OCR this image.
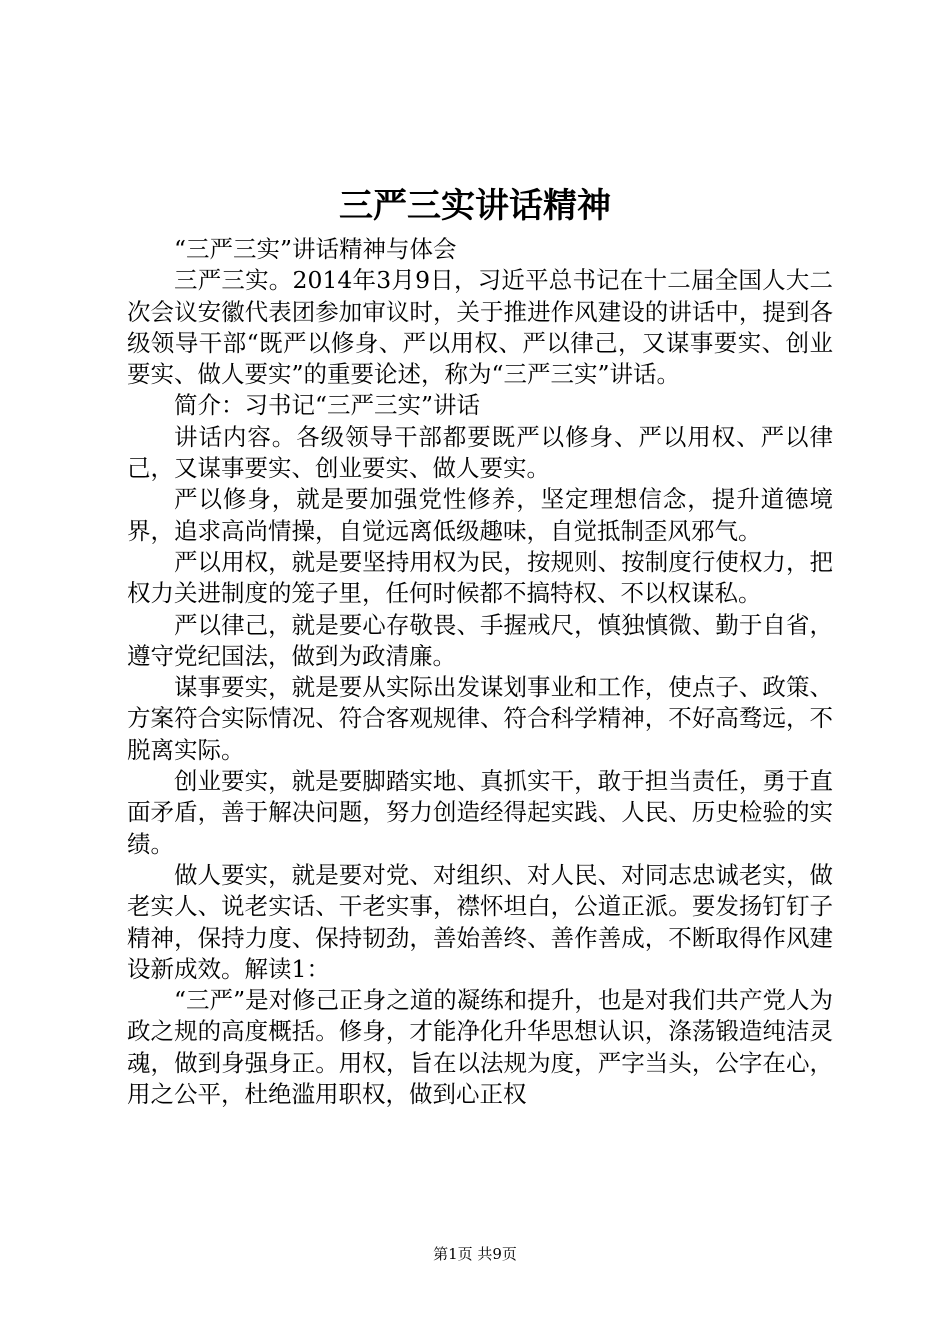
三严三实讲话精神

“三严三实”讲话精神与体会

三严三实。2014年3月9日，习近平总书记在十二届全国人大二次会议安徽代表团参加审议时，关于推进作风建设的讲话中，提到各级领导干部“既严以修身、严以用权、严以律己，又谋事要实、创业要实、做人要实”的重要论述，称为“三严三实”讲话。

简介：习书记“三严三实”讲话

讲话内容。各级领导干部都要既严以修身、严以用权、严以律己，又谋事要实、创业要实、做人要实。

严以修身，就是要加强党性修养，坚定理想信念，提升道德境界，追求高尚情操，自觉远离低级趣味，自觉抵制歪风邪气。

严以用权，就是要坚持用权为民，按规则、按制度行使权力，把权力关进制度的笼子里，任何时候都不搞特权、不以权谋私。

严以律己，就是要心存敬畏、手握戒尺，慎独慎微、勤于自省，遵守党纪国法，做到为政清廉。

谋事要实，就是要从实际出发谋划事业和工作，使点子、政策、方案符合实际情况、符合客观规律、符合科学精神，不好高骛远，不脱离实际。

创业要实，就是要脚踏实地、真抓实干，敢于担当责任，勇于直面矛盾，善于解决问题，努力创造经得起实践、人民、历史检验的实绩。

做人要实，就是要对党、对组织、对人民、对同志忠诚老实，做老实人、说老实话、干老实事，襟怀坦白，公道正派。要发扬钉钉子精神，保持力度、保持韧劲，善始善终、善作善成，不断取得作风建设新成效。解读1：

“三严”是对修己正身之道的凝练和提升，也是对我们共产党人为政之规的高度概括。修身，才能净化升华思想认识，涤荡锻造纯洁灵魂，做到身强身正。用权，旨在以法规为度，严字当头，公字在心，用之公平，杜绝滥用职权，做到心正权

第1页 共9页
